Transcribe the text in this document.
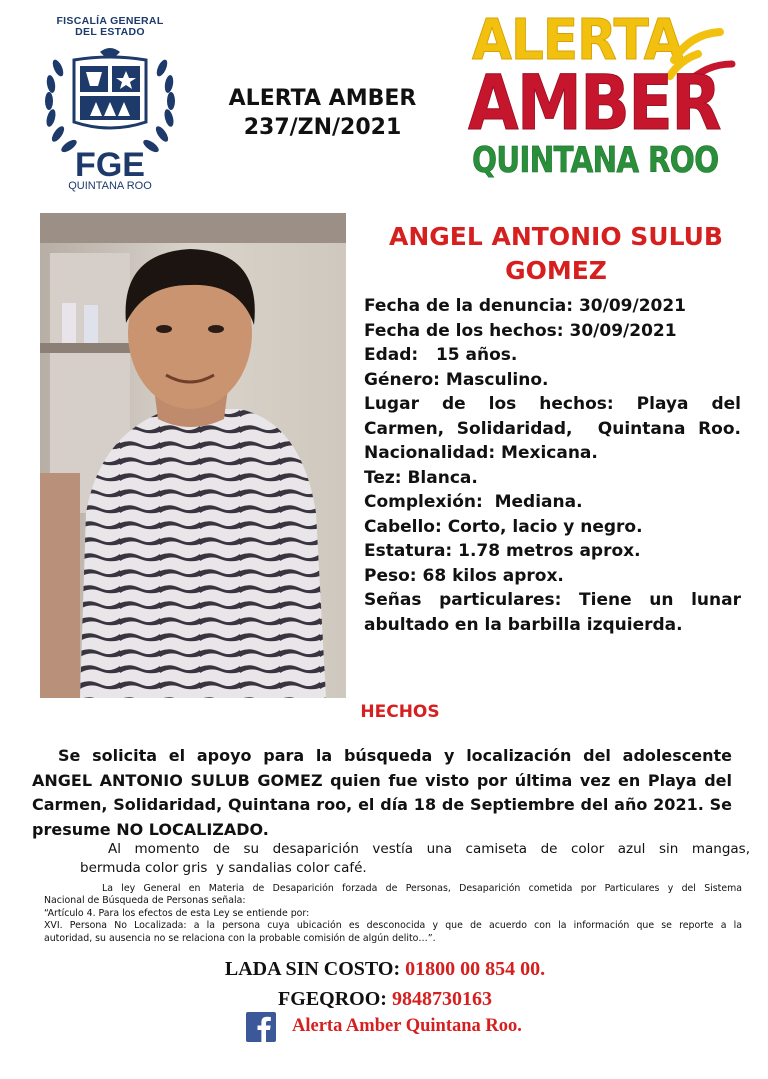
FISCALÍA GENERAL
DEL ESTADO
FGE
QUINTANA ROO
ALERTA AMBER
237/ZN/2021
ALERTA
AMBER
QUINTANA ROO
ANGEL ANTONIO SULUB
GOMEZ
Fecha de la denuncia: 30/09/2021
Fecha de los hechos: 30/09/2021
Edad:   15 años.
Género: Masculino.
Lugar de los hechos: Playa del
Carmen, Solidaridad,  Quintana Roo.
Nacionalidad: Mexicana.
Tez: Blanca.
Complexión:  Mediana.
Cabello: Corto, lacio y negro.
Estatura: 1.78 metros aprox.
Peso: 68 kilos aprox.
Señas particulares: Tiene un lunar
abultado en la barbilla izquierda.
HECHOS
Se solicita el apoyo para la búsqueda y localización del adolescente
ANGEL ANTONIO SULUB GOMEZ quien fue visto por última vez en Playa del
Carmen, Solidaridad, Quintana roo, el día 18 de Septiembre del año 2021. Se
presume NO LOCALIZADO.
Al momento de su desaparición vestía una camiseta de color azul sin mangas,
bermuda color gris  y sandalias color café.
La ley General en Materia de Desaparición forzada de Personas, Desaparición cometida por Particulares y del Sistema
Nacional de Búsqueda de Personas señala:
“Artículo 4. Para los efectos de esta Ley se entiende por:
XVI. Persona No Localizada: a la persona cuya ubicación es desconocida y que de acuerdo con la información que se reporte a la
autoridad, su ausencia no se relaciona con la probable comisión de algún delito…”.
LADA SIN COSTO: 01800 00 854 00.
FGEQROO: 9848730163
Alerta Amber Quintana Roo.
